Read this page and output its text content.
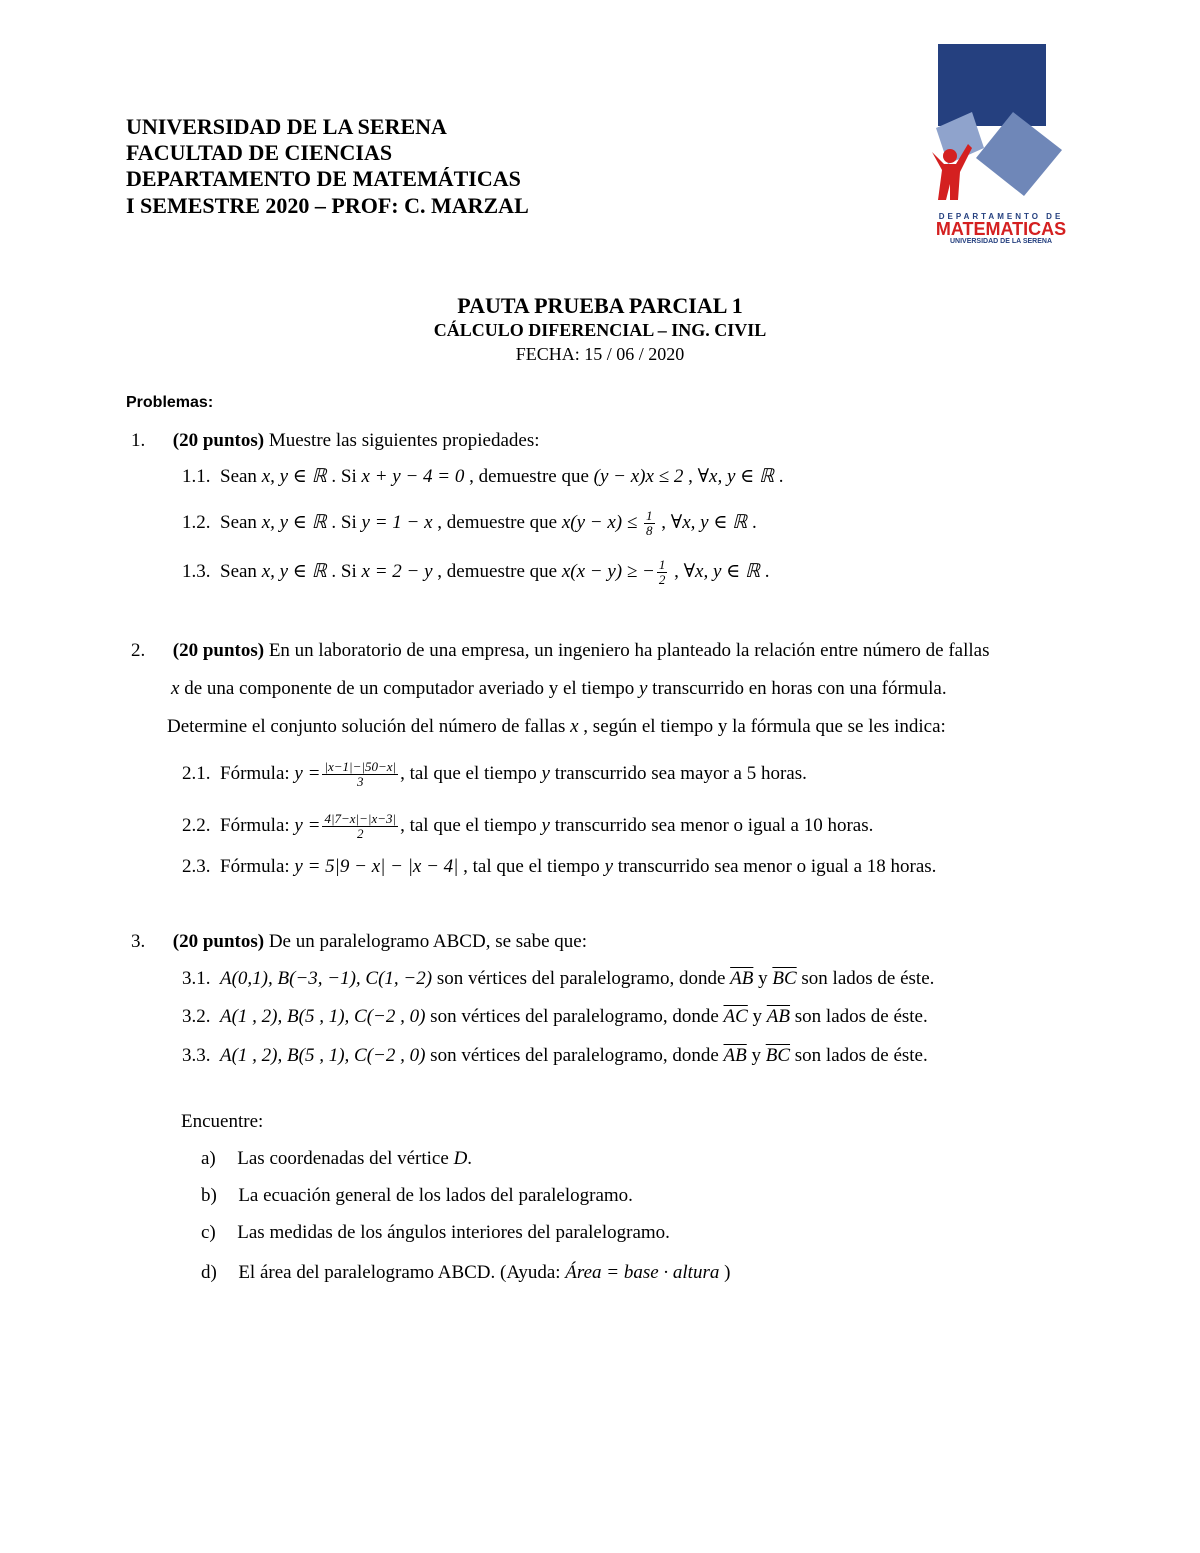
UNIVERSIDAD DE LA SERENA
FACULTAD DE CIENCIAS
DEPARTAMENTO DE MATEMÁTICAS
I SEMESTRE 2020 – PROF: C. MARZAL	DEPARTAMENTO DE
MATEMATICAS
UNIVERSIDAD DE LA SERENA
PAUTA PRUEBA PARCIAL 1
CÁLCULO DIFERENCIAL – ING. CIVIL
FECHA: 15 / 06 / 2020
Problemas:
1. (20 puntos) Muestre las siguientes propiedades:
1.1. Sean x, y ∈ ℝ . Si x + y − 4 = 0 , demuestre que (y − x)x ≤ 2 , ∀x, y ∈ ℝ .
1.2. Sean x, y ∈ ℝ . Si y = 1 − x , demuestre que $x(y - x) \le \frac{1}{8}$ , ∀x, y ∈ ℝ .
1.3. Sean x, y ∈ ℝ . Si x = 2 − y , demuestre que x(x − y) ≥ − $\frac{1}{2}$ , ∀x, y ∈ ℝ .
2. (20 puntos) En un laboratorio de una empresa, un ingeniero ha planteado la relación entre número de fallas
x de una componente de un computador averiado y el tiempo y transcurrido en horas con una fórmula.
Determine el conjunto solución del número de fallas x , según el tiempo y la fórmula que se les indica:
2.1. Fórmula: $y = \frac{|x-1|-|50-x|}{3}$ , tal que el tiempo y transcurrido sea mayor a 5 horas.
2.2. Fórmula: $y = \frac{4|7-x|-|x-3|}{2}$ , tal que el tiempo y transcurrido sea menor o igual a 10 horas.
2.3. Fórmula: y = 5|9 − x| − |x − 4| , tal que el tiempo y transcurrido sea menor o igual a 18 horas.
3. (20 puntos) De un paralelogramo ABCD, se sabe que:
3.1. A(0,1), B(−3, −1), C(1, −2) son vértices del paralelogramo, donde $\overline{AB}$ y $\overline{BC}$ son lados de éste.
3.2. A(1 , 2), B(5 , 1), C(−2 , 0) son vértices del paralelogramo, donde $\overline{AC}$ y $\overline{AB}$ son lados de éste.
3.3. A(1 , 2), B(5 , 1), C(−2 , 0) son vértices del paralelogramo, donde $\overline{AB}$ y $\overline{BC}$ son lados de éste.
Encuentre:
a) Las coordenadas del vértice D.
b) La ecuación general de los lados del paralelogramo.
c) Las medidas de los ángulos interiores del paralelogramo.
d) El área del paralelogramo ABCD. (Ayuda: Área = base · altura )
